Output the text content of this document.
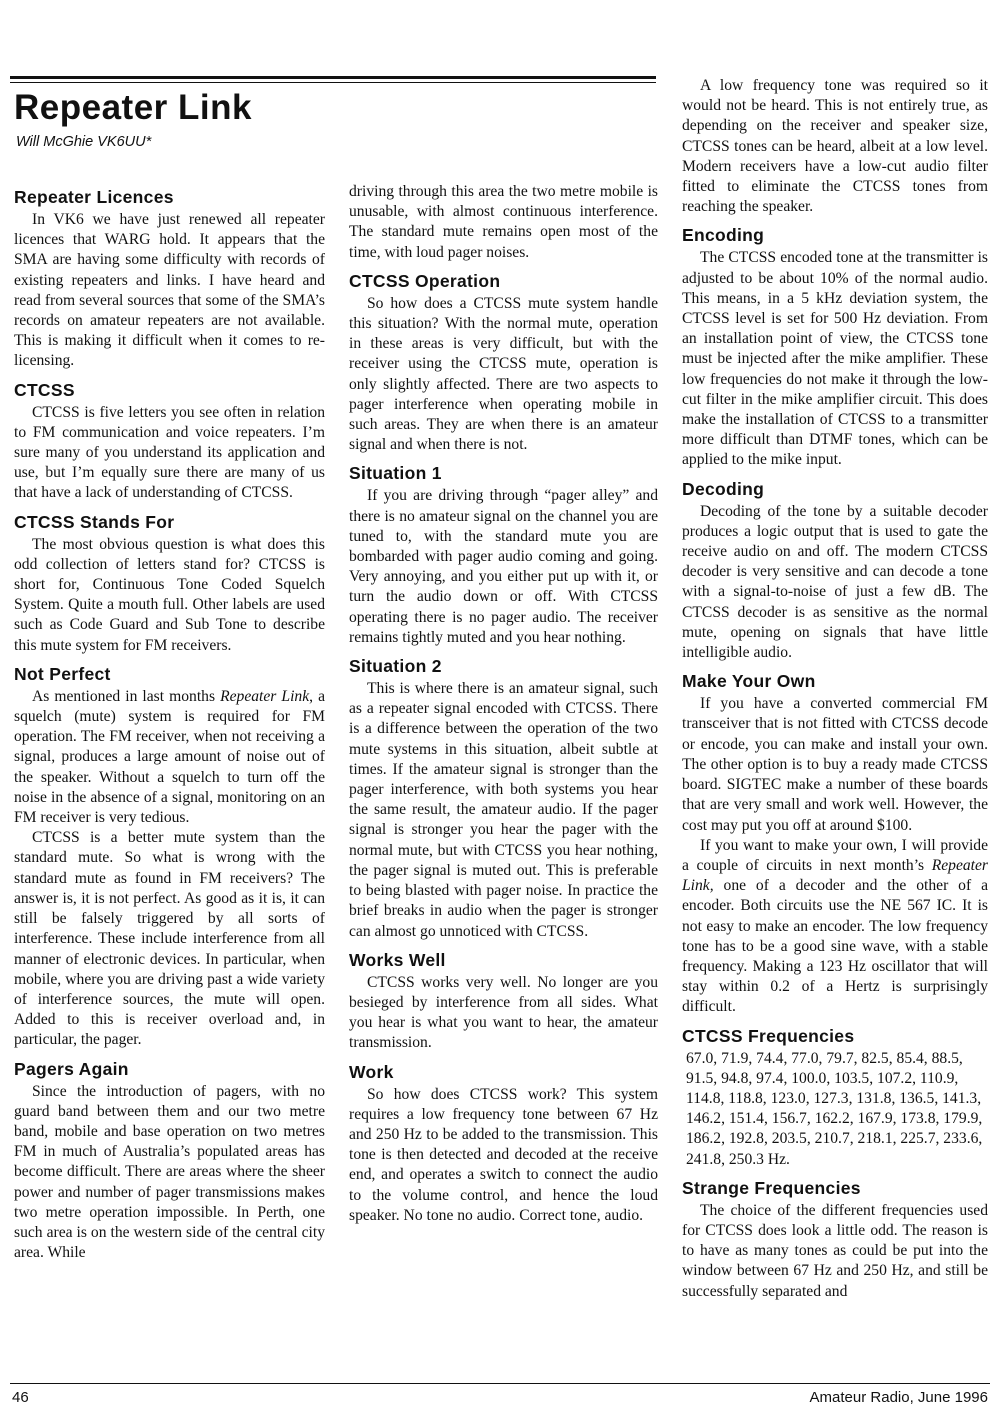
Repeater Link
Will McGhie VK6UU*
Repeater Licences

In VK6 we have just renewed all repeater licences that WARG hold. It appears that the SMA are having some difficulty with records of existing repeaters and links. I have heard and read from several sources that some of the SMA’s records on amateur repeaters are not available. This is making it difficult when it comes to re-licensing.

CTCSS

CTCSS is five letters you see often in relation to FM communication and voice repeaters. I’m sure many of you understand its application and use, but I’m equally sure there are many of us that have a lack of understanding of CTCSS.

CTCSS Stands For

The most obvious question is what does this odd collection of letters stand for? CTCSS is short for, Continuous Tone Coded Squelch System. Quite a mouth full. Other labels are used such as Code Guard and Sub Tone to describe this mute system for FM receivers.

Not Perfect

As mentioned in last months Repeater Link, a squelch (mute) system is required for FM operation. The FM receiver, when not receiving a signal, produces a large amount of noise out of the speaker. Without a squelch to turn off the noise in the absence of a signal, monitoring on an FM receiver is very tedious.

CTCSS is a better mute system than the standard mute. So what is wrong with the standard mute as found in FM receivers? The answer is, it is not perfect. As good as it is, it can still be falsely triggered by all sorts of interference. These include interference from all manner of electronic devices. In particular, when mobile, where you are driving past a wide variety of interference sources, the mute will open. Added to this is receiver overload and, in particular, the pager.

Pagers Again

Since the introduction of pagers, with no guard band between them and our two metre band, mobile and base operation on two metres FM in much of Australia’s populated areas has become difficult. There are areas where the sheer power and number of pager transmissions makes two metre operation impossible. In Perth, one such area is on the western side of the central city area. While

driving through this area the two metre mobile is unusable, with almost continuous interference. The standard mute remains open most of the time, with loud pager noises.

CTCSS Operation

So how does a CTCSS mute system handle this situation? With the normal mute, operation in these areas is very difficult, but with the receiver using the CTCSS mute, operation is only slightly affected. There are two aspects to pager interference when operating mobile in such areas. They are when there is an amateur signal and when there is not.

Situation 1

If you are driving through “pager alley” and there is no amateur signal on the channel you are tuned to, with the standard mute you are bombarded with pager audio coming and going. Very annoying, and you either put up with it, or turn the audio down or off. With CTCSS operating there is no pager audio. The receiver remains tightly muted and you hear nothing.

Situation 2

This is where there is an amateur signal, such as a repeater signal encoded with CTCSS. There is a difference between the operation of the two mute systems in this situation, albeit subtle at times. If the amateur signal is stronger than the pager interference, with both systems you hear the same result, the amateur audio. If the pager signal is stronger you hear the pager with the normal mute, but with CTCSS you hear nothing, the pager signal is muted out. This is preferable to being blasted with pager noise. In practice the brief breaks in audio when the pager is stronger can almost go unnoticed with CTCSS.

Works Well

CTCSS works very well. No longer are you besieged by interference from all sides. What you hear is what you want to hear, the amateur transmission.

Work

So how does CTCSS work? This system requires a low frequency tone between 67 Hz and 250 Hz to be added to the transmission. This tone is then detected and decoded at the receive end, and operates a switch to connect the audio to the volume control, and hence the loud speaker. No tone no audio. Correct tone, audio.

A low frequency tone was required so it would not be heard. This is not entirely true, as depending on the receiver and speaker size, CTCSS tones can be heard, albeit at a low level. Modern receivers have a low-cut audio filter fitted to eliminate the CTCSS tones from reaching the speaker.

Encoding

The CTCSS encoded tone at the transmitter is adjusted to be about 10% of the normal audio. This means, in a 5 kHz deviation system, the CTCSS level is set for 500 Hz deviation. From an installation point of view, the CTCSS tone must be injected after the mike amplifier. These low frequencies do not make it through the low-cut filter in the mike amplifier circuit. This does make the installation of CTCSS to a transmitter more difficult than DTMF tones, which can be applied to the mike input.

Decoding

Decoding of the tone by a suitable decoder produces a logic output that is used to gate the receive audio on and off. The modern CTCSS decoder is very sensitive and can decode a tone with a signal-to-noise of just a few dB. The CTCSS decoder is as sensitive as the normal mute, opening on signals that have little intelligible audio.

Make Your Own

If you have a converted commercial FM transceiver that is not fitted with CTCSS decode or encode, you can make and install your own. The other option is to buy a ready made CTCSS board. SIGTEC make a number of these boards that are very small and work well. However, the cost may put you off at around $100.

If you want to make your own, I will provide a couple of circuits in next month’s Repeater Link, one of a decoder and the other of a encoder. Both circuits use the NE 567 IC. It is not easy to make an encoder. The low frequency tone has to be a good sine wave, with a stable frequency. Making a 123 Hz oscillator that will stay within 0.2 of a Hertz is surprisingly difficult.

CTCSS Frequencies

67.0, 71.9, 74.4, 77.0, 79.7, 82.5, 85.4, 88.5, 91.5, 94.8, 97.4, 100.0, 103.5, 107.2, 110.9, 114.8, 118.8, 123.0, 127.3, 131.8, 136.5, 141.3, 146.2, 151.4, 156.7, 162.2, 167.9, 173.8, 179.9, 186.2, 192.8, 203.5, 210.7, 218.1, 225.7, 233.6, 241.8, 250.3 Hz.

Strange Frequencies

The choice of the different frequencies used for CTCSS does look a little odd. The reason is to have as many tones as could be put into the window between 67 Hz and 250 Hz, and still be successfully separated and

46	Amateur Radio, June 1996
